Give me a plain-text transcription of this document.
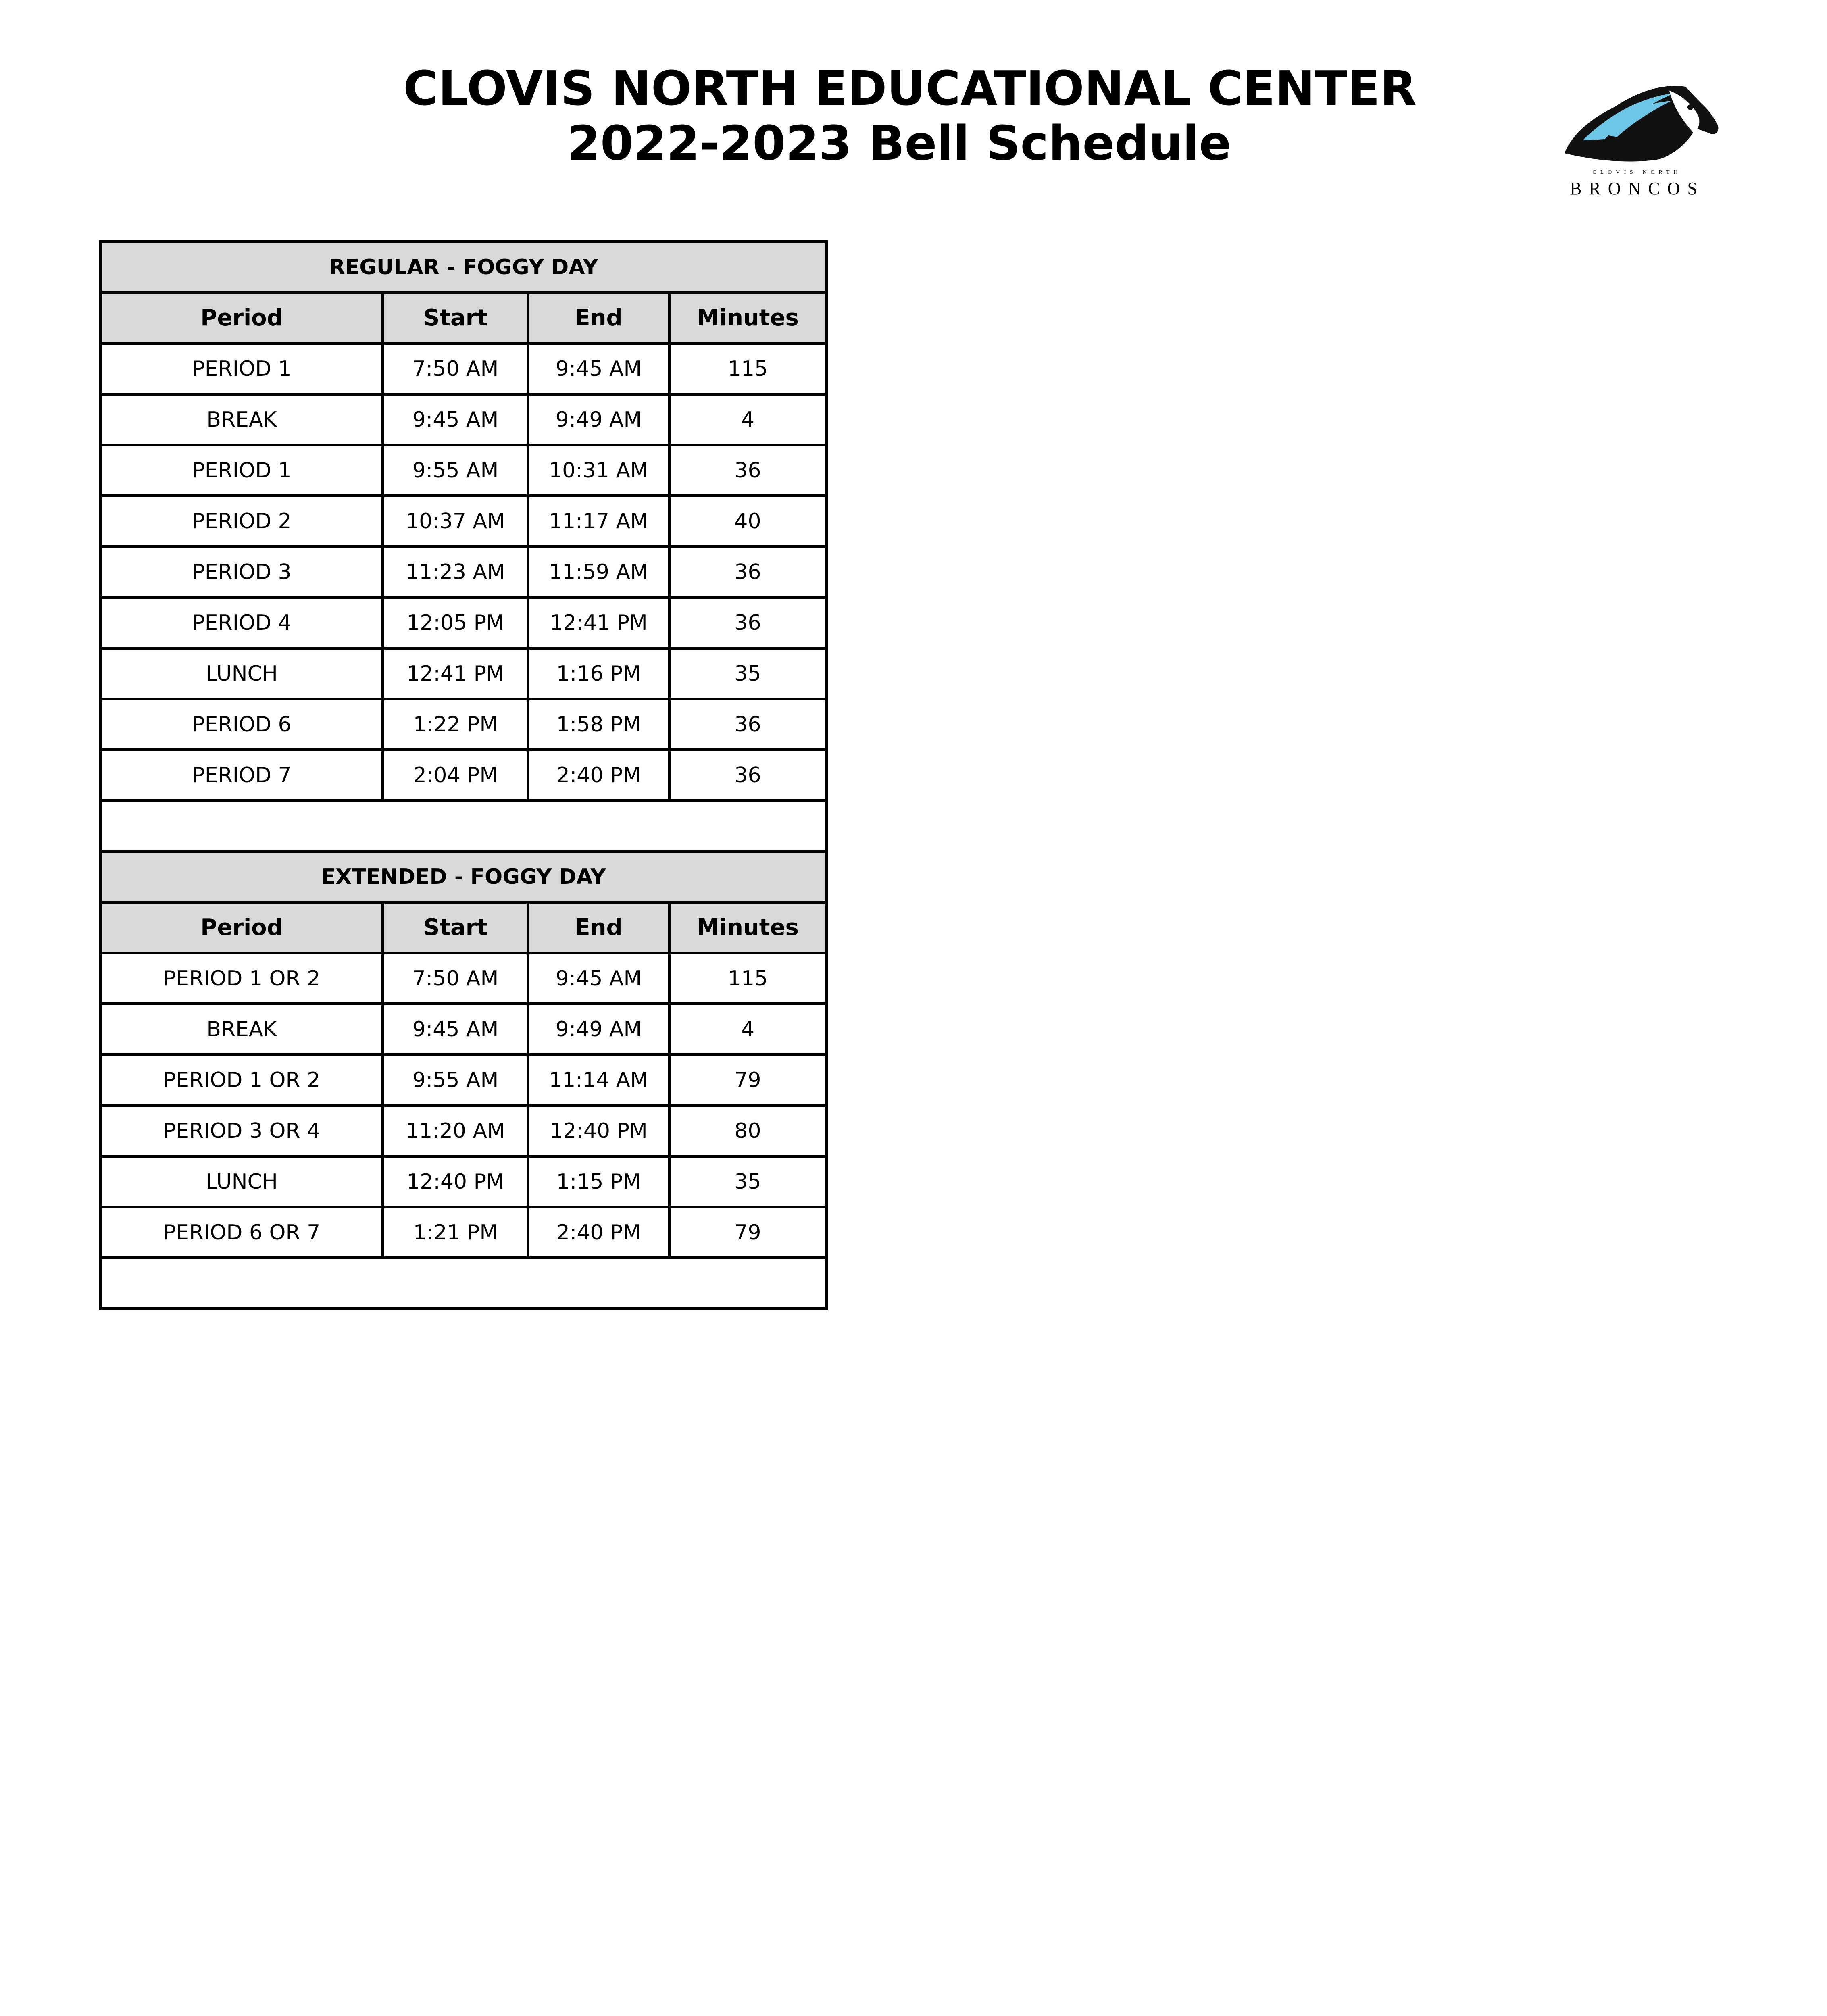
CLOVIS NORTH EDUCATIONAL CENTER
2022-2023 Bell Schedule
CLOVIS NORTH
BRONCOS
REGULAR - FOGGY DAY			
Period	Start	End	Minutes
PERIOD 1	7:50 AM	9:45 AM	115
BREAK	9:45 AM	9:49 AM	4
PERIOD 1	9:55 AM	10:31 AM	36
PERIOD 2	10:37 AM	11:17 AM	40
PERIOD 3	11:23 AM	11:59 AM	36
PERIOD 4	12:05 PM	12:41 PM	36
LUNCH	12:41 PM	1:16 PM	35
PERIOD 6	1:22 PM	1:58 PM	36
PERIOD 7	2:04 PM	2:40 PM	36

EXTENDED - FOGGY DAY			
Period	Start	End	Minutes
PERIOD 1 OR 2	7:50 AM	9:45 AM	115
BREAK	9:45 AM	9:49 AM	4
PERIOD 1 OR 2	9:55 AM	11:14 AM	79
PERIOD 3 OR 4	11:20 AM	12:40 PM	80
LUNCH	12:40 PM	1:15 PM	35
PERIOD 6 OR 7	1:21 PM	2:40 PM	79
